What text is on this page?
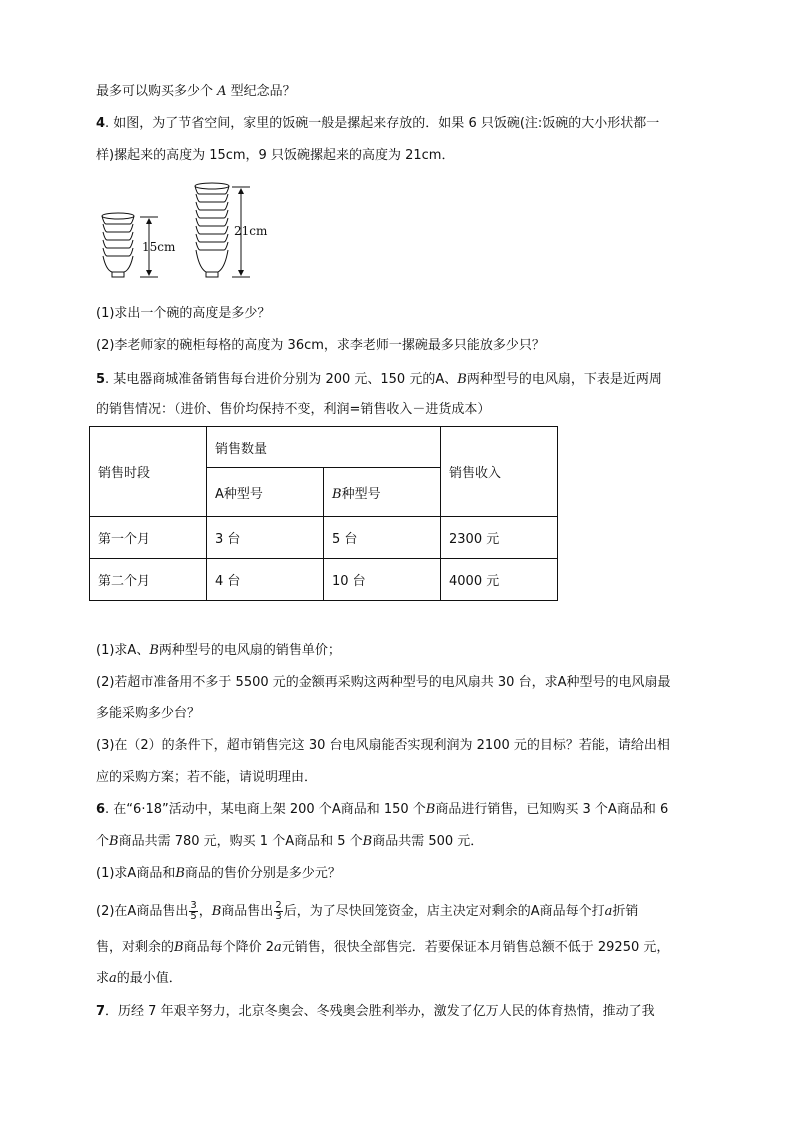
最多可以购买多少个 A 型纪念品？
4. 如图，为了节省空间，家里的饭碗一般是摞起来存放的．如果 6 只饭碗(注:饭碗的大小形状都一
样)摞起来的高度为 15cm，9 只饭碗摞起来的高度为 21cm．
15cm
21cm
(1)求出一个碗的高度是多少？
(2)李老师家的碗柜每格的高度为 36cm，求李老师一摞碗最多只能放多少只？
5. 某电器商城准备销售每台进价分别为 200 元、150 元的A、B两种型号的电风扇，下表是近两周
的销售情况：（进价、售价均保持不变，利润=销售收入－进货成本）
销售时段	销售数量		销售收入
	A种型号	B种型号	
第一个月	3 台	5 台	2300 元
第二个月	4 台	10 台	4000 元
(1)求A、B两种型号的电风扇的销售单价；
(2)若超市准备用不多于 5500 元的金额再采购这两种型号的电风扇共 30 台，求A种型号的电风扇最
多能采购多少台？
(3)在（2）的条件下，超市销售完这 30 台电风扇能否实现利润为 2100 元的目标？若能，请给出相
应的采购方案；若不能，请说明理由．
6. 在“6·18”活动中，某电商上架 200 个A商品和 150 个B商品进行销售，已知购买 3 个A商品和 6
个B商品共需 780 元，购买 1 个A商品和 5 个B商品共需 500 元．
(1)求A商品和B商品的售价分别是多少元？
(2)在A商品售出 $\frac{3}{5}$ ，B商品售出 $\frac{2}{3}$ 后，为了尽快回笼资金，店主决定对剩余的A商品每个打a折销
售，对剩余的B商品每个降价 2a元销售，很快全部售完．若要保证本月销售总额不低于 29250 元，
求a的最小值．
7．历经 7 年艰辛努力，北京冬奥会、冬残奥会胜利举办，激发了亿万人民的体育热情，推动了我
